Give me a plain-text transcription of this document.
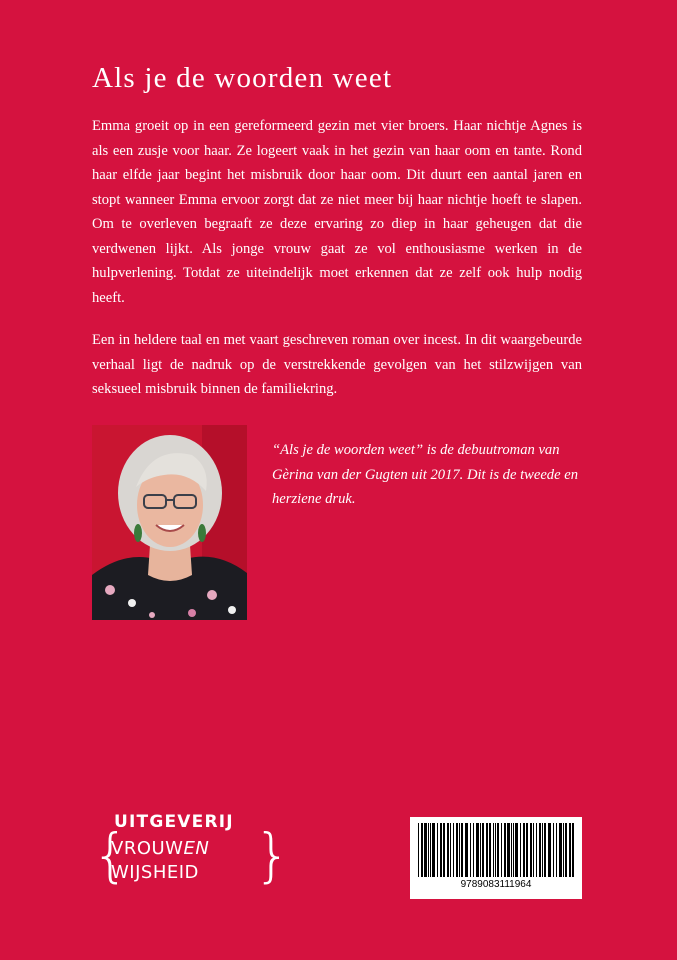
Als je de woorden weet

Emma groeit op in een gereformeerd gezin met vier broers. Haar nichtje Agnes is als een zusje voor haar. Ze logeert vaak in het gezin van haar oom en tante. Rond haar elfde jaar begint het misbruik door haar oom. Dit duurt een aantal jaren en stopt wanneer Emma ervoor zorgt dat ze niet meer bij haar nichtje hoeft te slapen. Om te overleven begraaft ze deze ervaring zo diep in haar geheugen dat die verdwenen lijkt. Als jonge vrouw gaat ze vol enthousiasme werken in de hulpverlening. Totdat ze uiteindelijk moet erkennen dat ze zelf ook hulp nodig heeft.

Een in heldere taal en met vaart geschreven roman over incest. In dit waargebeurde verhaal ligt de nadruk op de verstrekkende gevolgen van het stilzwijgen van seksueel misbruik binnen de familiekring.

“Als je de woorden weet” is de debuutroman van Gèrina van der Gugten uit 2017. Dit is de tweede en herziene druk.

{
UITGEVERIJ
VROUWEN
WIJSHEID }	9789083111964
